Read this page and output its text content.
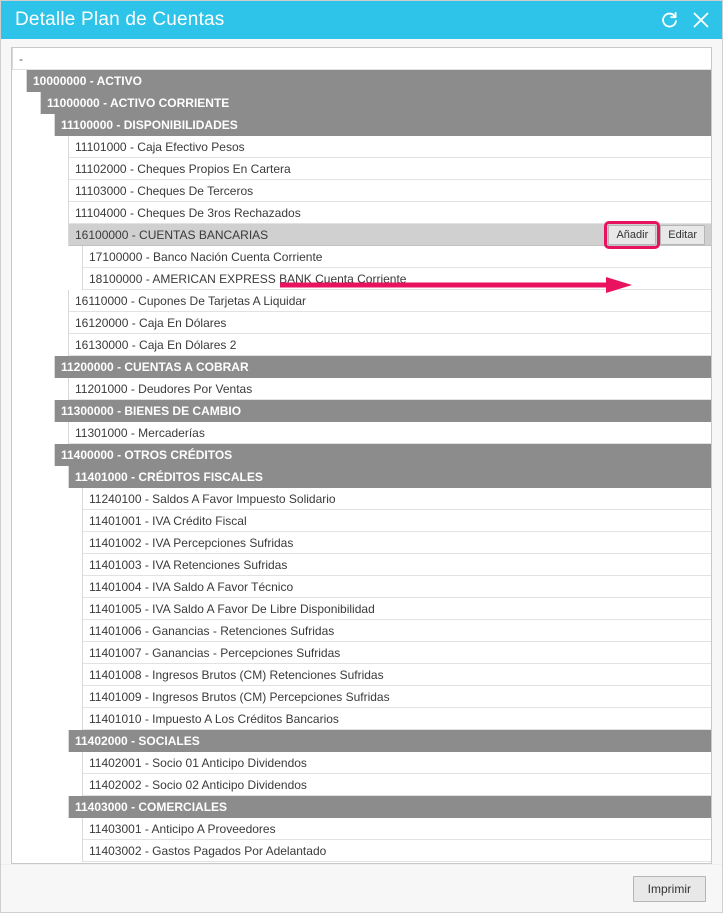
Detalle Plan de Cuentas
-
10000000 - ACTIVO
11000000 - ACTIVO CORRIENTE
11100000 - DISPONIBILIDADES
11101000 - Caja Efectivo Pesos
11102000 - Cheques Propios En Cartera
11103000 - Cheques De Terceros
11104000 - Cheques De 3ros Rechazados
16100000 - CUENTAS BANCARIAS	Añadir	Editar
17100000 - Banco Nación Cuenta Corriente
18100000 - AMERICAN EXPRESS BANK Cuenta Corriente
16110000 - Cupones De Tarjetas A Liquidar
16120000 - Caja En Dólares
16130000 - Caja En Dólares 2
11200000 - CUENTAS A COBRAR
11201000 - Deudores Por Ventas
11300000 - BIENES DE CAMBIO
11301000 - Mercaderías
11400000 - OTROS CRÉDITOS
11401000 - CRÉDITOS FISCALES
11240100 - Saldos A Favor Impuesto Solidario
11401001 - IVA Crédito Fiscal
11401002 - IVA Percepciones Sufridas
11401003 - IVA Retenciones Sufridas
11401004 - IVA Saldo A Favor Técnico
11401005 - IVA Saldo A Favor De Libre Disponibilidad
11401006 - Ganancias - Retenciones Sufridas
11401007 - Ganancias - Percepciones Sufridas
11401008 - Ingresos Brutos (CM) Retenciones Sufridas
11401009 - Ingresos Brutos (CM) Percepciones Sufridas
11401010 - Impuesto A Los Créditos Bancarios
11402000 - SOCIALES
11402001 - Socio 01 Anticipo Dividendos
11402002 - Socio 02 Anticipo Dividendos
11403000 - COMERCIALES
11403001 - Anticipo A Proveedores
11403002 - Gastos Pagados Por Adelantado
Imprimir
